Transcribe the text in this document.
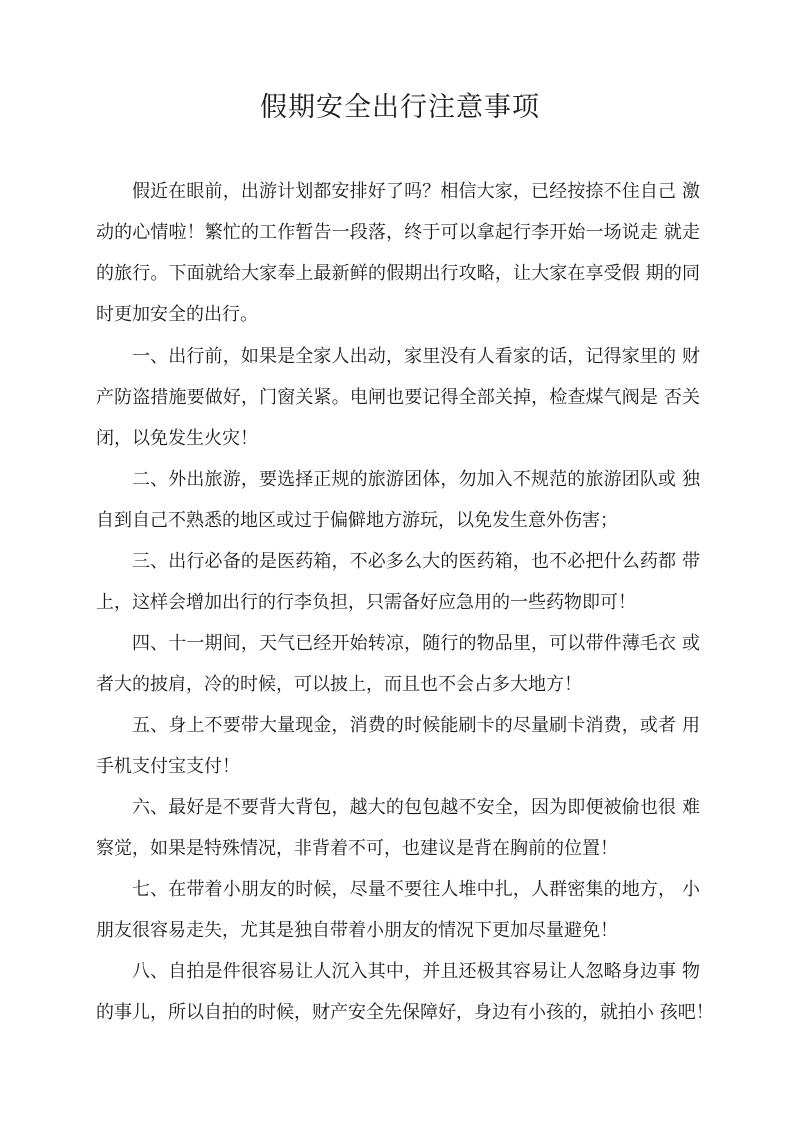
假期安全出行注意事项

假近在眼前，出游计划都安排好了吗？相信大家，已经按捺不住自己 激

动的心情啦！繁忙的工作暂告一段落，终于可以拿起行李开始一场说走 就走

的旅行。下面就给大家奉上最新鲜的假期出行攻略，让大家在享受假 期的同

时更加安全的出行。

一、出行前，如果是全家人出动，家里没有人看家的话，记得家里的 财

产防盗措施要做好，门窗关紧。电闸也要记得全部关掉，检查煤气阀是 否关

闭，以免发生火灾！

二、外出旅游，要选择正规的旅游团体，勿加入不规范的旅游团队或 独

自到自己不熟悉的地区或过于偏僻地方游玩，以免发生意外伤害；

三、出行必备的是医药箱，不必多么大的医药箱，也不必把什么药都 带

上，这样会增加出行的行李负担，只需备好应急用的一些药物即可！

四、十一期间，天气已经开始转凉，随行的物品里，可以带件薄毛衣 或

者大的披肩，冷的时候，可以披上，而且也不会占多大地方！

五、身上不要带大量现金，消费的时候能刷卡的尽量刷卡消费，或者 用

手机支付宝支付！

六、最好是不要背大背包，越大的包包越不安全，因为即便被偷也很 难

察觉，如果是特殊情况，非背着不可，也建议是背在胸前的位置！

七、在带着小朋友的时候，尽量不要往人堆中扎，人群密集的地方， 小

朋友很容易走失，尤其是独自带着小朋友的情况下更加尽量避免！

八、自拍是件很容易让人沉入其中，并且还极其容易让人忽略身边事 物

的事儿，所以自拍的时候，财产安全先保障好，身边有小孩的，就拍小 孩吧！
